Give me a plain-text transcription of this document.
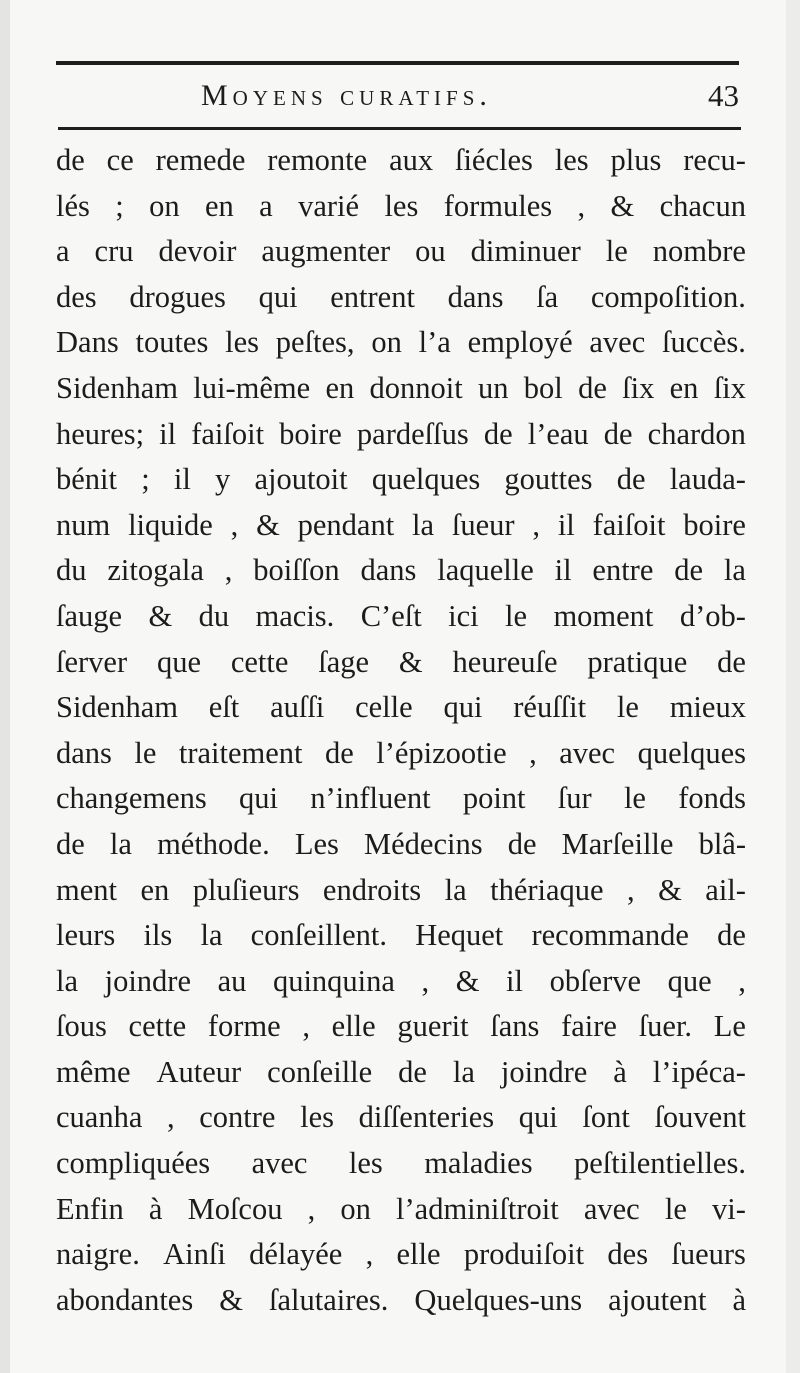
Moyens curatifs.	43
de ce remede remonte aux ſiécles les plus recu-
lés ; on en a varié les formules , & chacun
a cru devoir augmenter ou diminuer le nombre
des drogues qui entrent dans ſa compoſition.
Dans toutes les peſtes, on l’a employé avec ſuccès.
Sidenham lui-même en donnoit un bol de ſix en ſix
heures; il faiſoit boire pardeſſus de l’eau de chardon
bénit ; il y ajoutoit quelques gouttes de lauda-
num liquide , & pendant la ſueur , il faiſoit boire
du zitogala , boiſſon dans laquelle il entre de la
ſauge & du macis. C’eſt ici le moment d’ob-
ſerver que cette ſage & heureuſe pratique de
Sidenham eſt auſſi celle qui réuſſit le mieux
dans le traitement de l’épizootie , avec quelques
changemens qui n’influent point ſur le fonds
de la méthode. Les Médecins de Marſeille blâ-
ment en pluſieurs endroits la thériaque , & ail-
leurs ils la conſeillent. Hequet recommande de
la joindre au quinquina , & il obſerve que ,
ſous cette forme , elle guerit ſans faire ſuer. Le
même Auteur conſeille de la joindre à l’ipéca-
cuanha , contre les diſſenteries qui ſont ſouvent
compliquées avec les maladies peſtilentielles.
Enfin à Moſcou , on l’adminiſtroit avec le vi-
naigre. Ainſi délayée , elle produiſoit des ſueurs
abondantes & ſalutaires. Quelques-uns ajoutent à
